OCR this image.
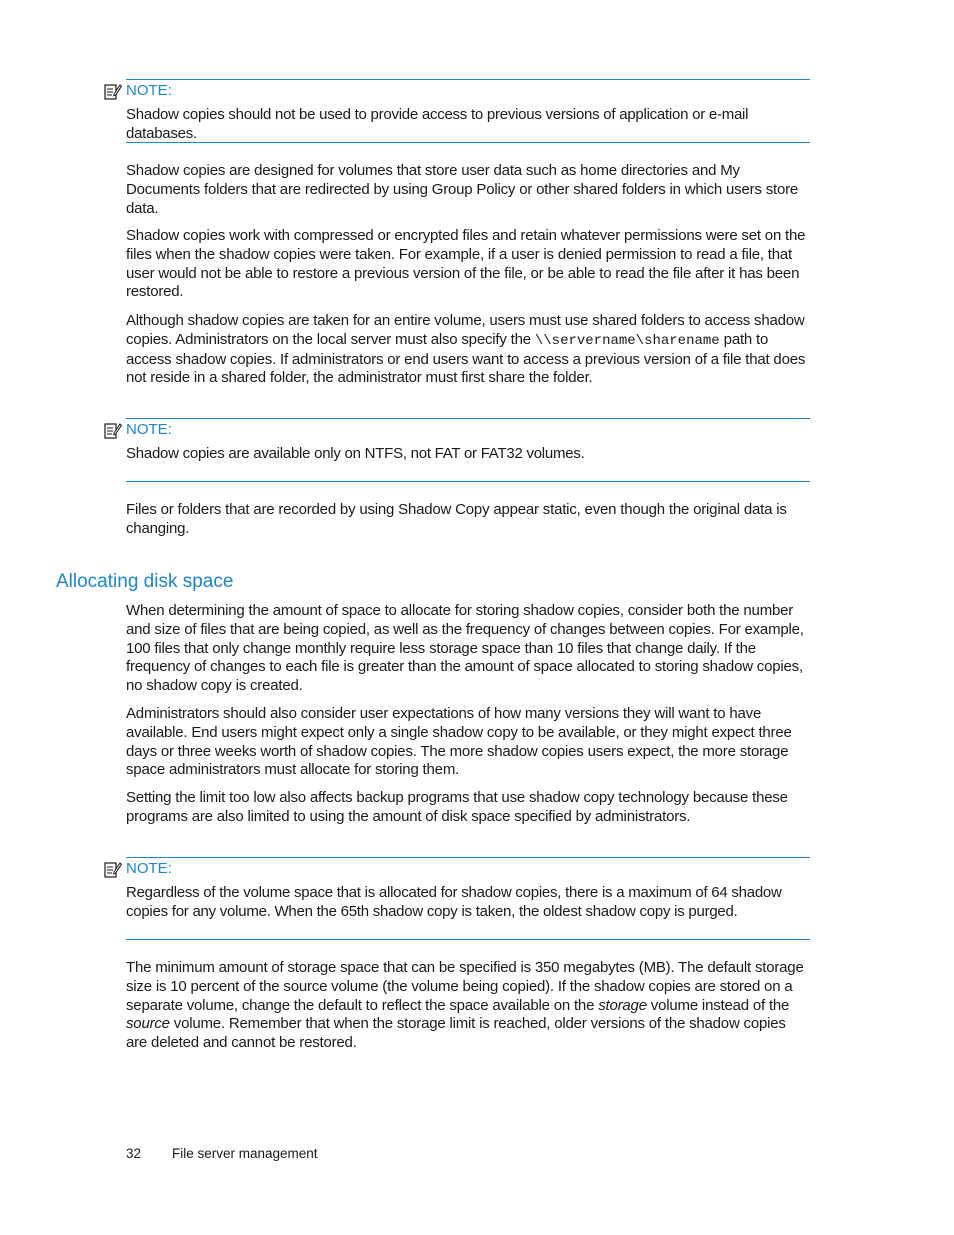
NOTE:
Shadow copies should not be used to provide access to previous versions of application or e-mail databases.

Shadow copies are designed for volumes that store user data such as home directories and My Documents folders that are redirected by using Group Policy or other shared folders in which users store data.

Shadow copies work with compressed or encrypted files and retain whatever permissions were set on the files when the shadow copies were taken. For example, if a user is denied permission to read a file, that user would not be able to restore a previous version of the file, or be able to read the file after it has been restored.

Although shadow copies are taken for an entire volume, users must use shared folders to access shadow copies. Administrators on the local server must also specify the \\servername\sharename path to access shadow copies. If administrators or end users want to access a previous version of a file that does not reside in a shared folder, the administrator must first share the folder.

NOTE:
Shadow copies are available only on NTFS, not FAT or FAT32 volumes.

Files or folders that are recorded by using Shadow Copy appear static, even though the original data is changing.

Allocating disk space

When determining the amount of space to allocate for storing shadow copies, consider both the number and size of files that are being copied, as well as the frequency of changes between copies. For example, 100 files that only change monthly require less storage space than 10 files that change daily. If the frequency of changes to each file is greater than the amount of space allocated to storing shadow copies, no shadow copy is created.

Administrators should also consider user expectations of how many versions they will want to have available. End users might expect only a single shadow copy to be available, or they might expect three days or three weeks worth of shadow copies. The more shadow copies users expect, the more storage space administrators must allocate for storing them.

Setting the limit too low also affects backup programs that use shadow copy technology because these programs are also limited to using the amount of disk space specified by administrators.

NOTE:
Regardless of the volume space that is allocated for shadow copies, there is a maximum of 64 shadow copies for any volume. When the 65th shadow copy is taken, the oldest shadow copy is purged.

The minimum amount of storage space that can be specified is 350 megabytes (MB). The default storage size is 10 percent of the source volume (the volume being copied). If the shadow copies are stored on a separate volume, change the default to reflect the space available on the storage volume instead of the source volume. Remember that when the storage limit is reached, older versions of the shadow copies are deleted and cannot be restored.

32 File server management
